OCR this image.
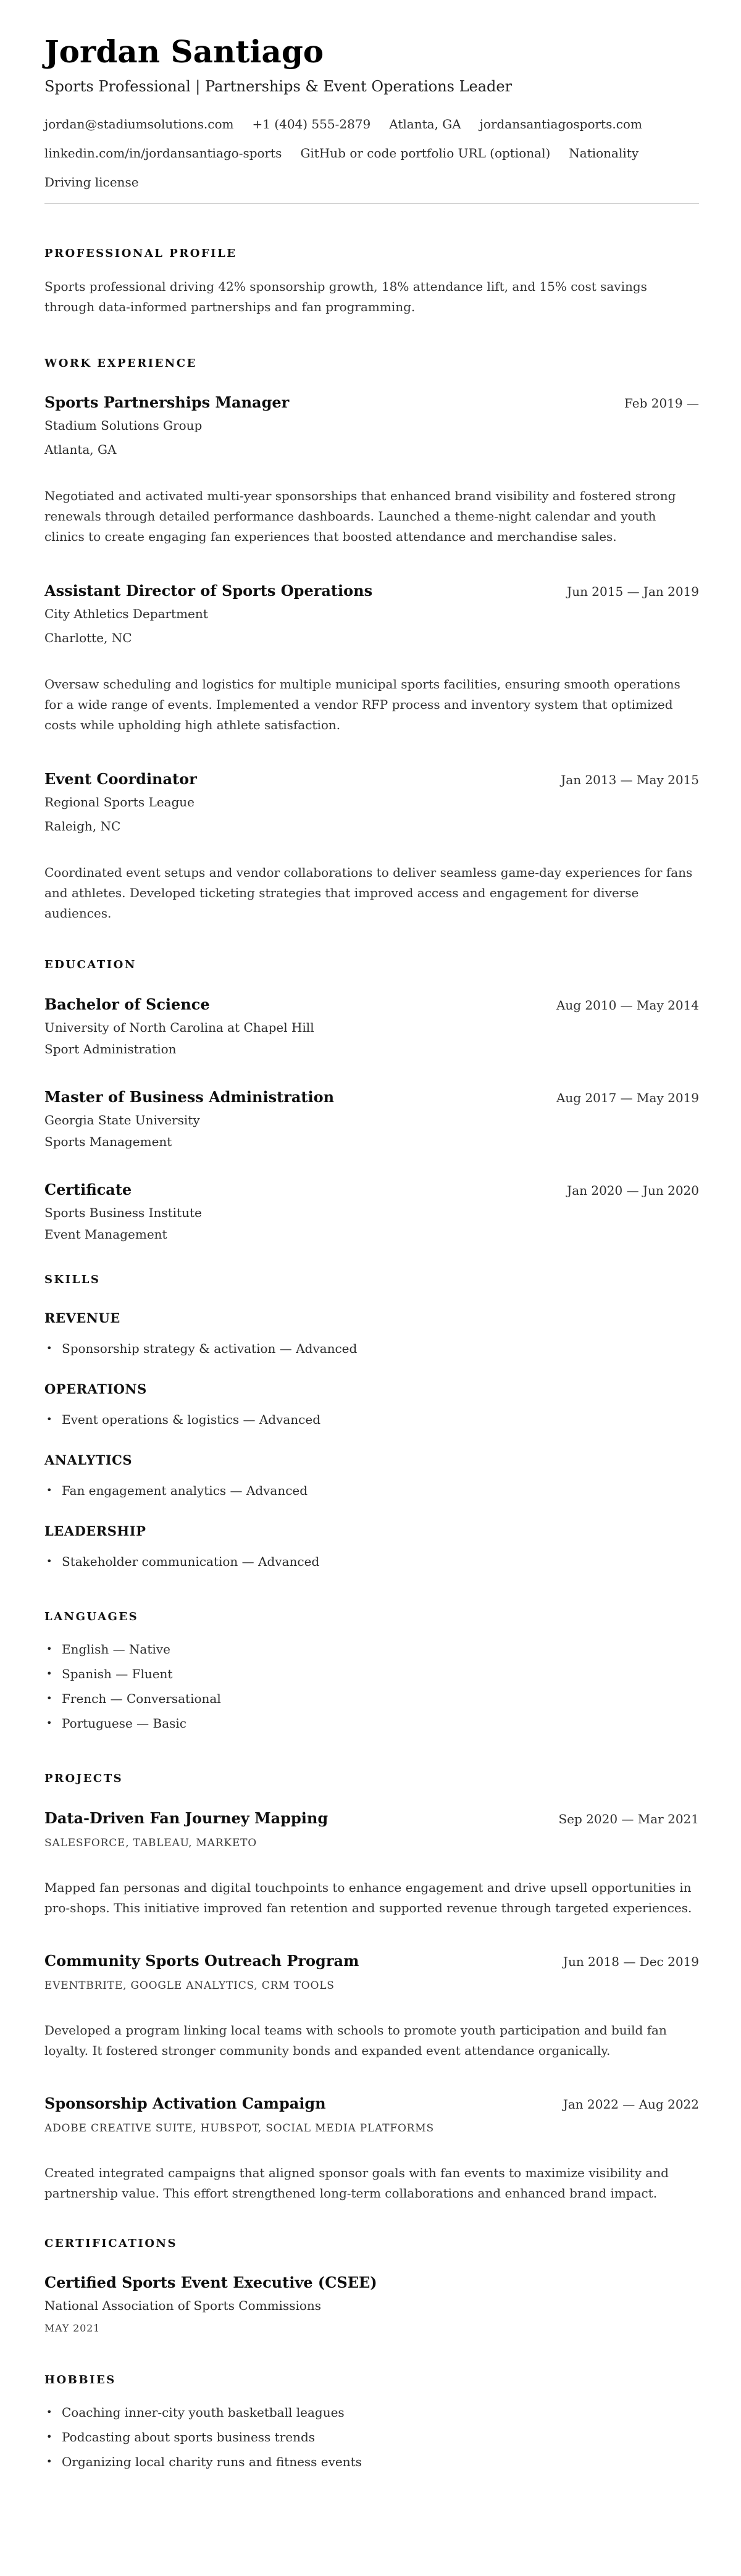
Jordan Santiago
Sports Professional | Partnerships & Event Operations Leader
jordan@stadiumsolutions.com +1 (404) 555-2879 Atlanta, GA jordansantiagosports.com
linkedin.com/in/jordansantiago-sports GitHub or code portfolio URL (optional) Nationality
Driving license
PROFESSIONAL PROFILE

Sports professional driving 42% sponsorship growth, 18% attendance lift, and 15% cost savings through data-informed partnerships and fan programming.

WORK EXPERIENCE
Sports Partnerships Manager	Feb 2019 —
Stadium Solutions Group
Atlanta, GA

Negotiated and activated multi-year sponsorships that enhanced brand visibility and fostered strong renewals through detailed performance dashboards. Launched a theme-night calendar and youth clinics to create engaging fan experiences that boosted attendance and merchandise sales.

Assistant Director of Sports Operations	Jun 2015 — Jan 2019
City Athletics Department
Charlotte, NC

Oversaw scheduling and logistics for multiple municipal sports facilities, ensuring smooth operations for a wide range of events. Implemented a vendor RFP process and inventory system that optimized costs while upholding high athlete satisfaction.

Event Coordinator	Jan 2013 — May 2015
Regional Sports League
Raleigh, NC

Coordinated event setups and vendor collaborations to deliver seamless game-day experiences for fans and athletes. Developed ticketing strategies that improved access and engagement for diverse audiences.

EDUCATION
Bachelor of Science	Aug 2010 — May 2014
University of North Carolina at Chapel Hill
Sport Administration
Master of Business Administration	Aug 2017 — May 2019
Georgia State University
Sports Management
Certificate	Jan 2020 — Jun 2020
Sports Business Institute
Event Management
SKILLS
REVENUE
• Sponsorship strategy & activation — Advanced
OPERATIONS
• Event operations & logistics — Advanced
ANALYTICS
• Fan engagement analytics — Advanced
LEADERSHIP
• Stakeholder communication — Advanced
LANGUAGES
• English — Native
• Spanish — Fluent
• French — Conversational
• Portuguese — Basic
PROJECTS
Data-Driven Fan Journey Mapping	Sep 2020 — Mar 2021
SALESFORCE, TABLEAU, MARKETO

Mapped fan personas and digital touchpoints to enhance engagement and drive upsell opportunities in pro-shops. This initiative improved fan retention and supported revenue through targeted experiences.

Community Sports Outreach Program	Jun 2018 — Dec 2019
EVENTBRITE, GOOGLE ANALYTICS, CRM TOOLS

Developed a program linking local teams with schools to promote youth participation and build fan loyalty. It fostered stronger community bonds and expanded event attendance organically.

Sponsorship Activation Campaign	Jan 2022 — Aug 2022
ADOBE CREATIVE SUITE, HUBSPOT, SOCIAL MEDIA PLATFORMS

Created integrated campaigns that aligned sponsor goals with fan events to maximize visibility and partnership value. This effort strengthened long-term collaborations and enhanced brand impact.

CERTIFICATIONS
Certified Sports Event Executive (CSEE)
National Association of Sports Commissions
MAY 2021
HOBBIES
• Coaching inner-city youth basketball leagues
• Podcasting about sports business trends
• Organizing local charity runs and fitness events
